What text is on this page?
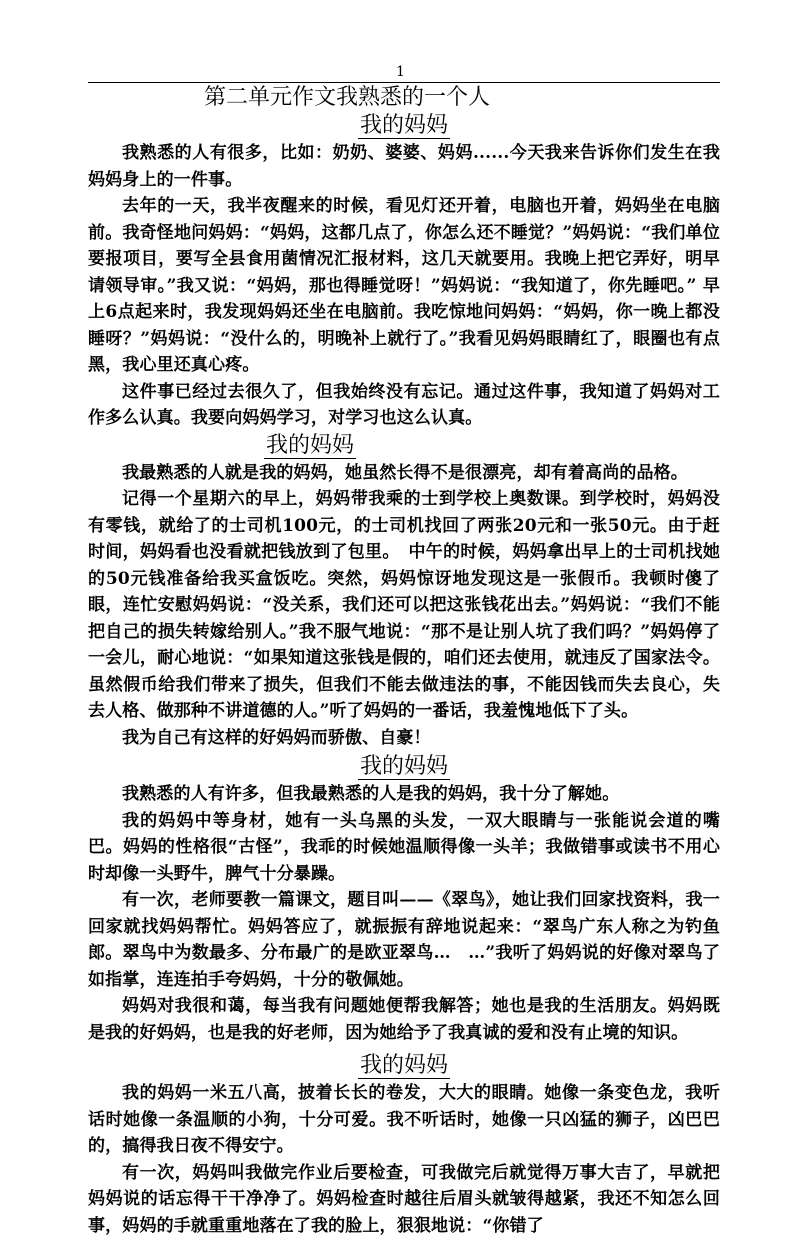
1
第二单元作文我熟悉的一个人
我的妈妈

我熟悉的人有很多，比如：奶奶、婆婆、妈妈......今天我来告诉你们发生在我妈妈身上的一件事。

去年的一天，我半夜醒来的时候，看见灯还开着，电脑也开着，妈妈坐在电脑前。我奇怪地问妈妈：“妈妈，这都几点了，你怎么还不睡觉？”妈妈说：“我们单位要报项目，要写全县食用菌情况汇报材料，这几天就要用。我晚上把它弄好，明早请领导审。”我又说：“妈妈，那也得睡觉呀！”妈妈说：“我知道了，你先睡吧。” 早上6点起来时，我发现妈妈还坐在电脑前。我吃惊地问妈妈：“妈妈，你一晚上都没睡呀？”妈妈说：“没什么的，明晚补上就行了。”我看见妈妈眼睛红了，眼圈也有点黑，我心里还真心疼。

这件事已经过去很久了，但我始终没有忘记。通过这件事，我知道了妈妈对工作多么认真。我要向妈妈学习，对学习也这么认真。

我的妈妈

我最熟悉的人就是我的妈妈，她虽然长得不是很漂亮，却有着高尚的品格。

记得一个星期六的早上，妈妈带我乘的士到学校上奥数课。到学校时，妈妈没有零钱，就给了的士司机100元，的士司机找回了两张20元和一张50元。由于赶时间，妈妈看也没看就把钱放到了包里。　中午的时候，妈妈拿出早上的士司机找她的50元钱准备给我买盒饭吃。突然，妈妈惊讶地发现这是一张假币。我顿时傻了眼，连忙安慰妈妈说：“没关系，我们还可以把这张钱花出去。”妈妈说：“我们不能把自己的损失转嫁给别人。”我不服气地说：“那不是让别人坑了我们吗？”妈妈停了一会儿，耐心地说：“如果知道这张钱是假的，咱们还去使用，就违反了国家法令。虽然假币给我们带来了损失，但我们不能去做违法的事，不能因钱而失去良心，失去人格、做那种不讲道德的人。”听了妈妈的一番话，我羞愧地低下了头。

我为自己有这样的好妈妈而骄傲、自豪！

我的妈妈

我熟悉的人有许多，但我最熟悉的人是我的妈妈，我十分了解她。

我的妈妈中等身材，她有一头乌黑的头发，一双大眼睛与一张能说会道的嘴巴。妈妈的性格很“古怪”，我乖的时候她温顺得像一头羊；我做错事或读书不用心时却像一头野牛，脾气十分暴躁。

有一次，老师要教一篇课文，题目叫——《翠鸟》，她让我们回家找资料，我一回家就找妈妈帮忙。妈妈答应了，就振振有辞地说起来：“翠鸟广东人称之为钓鱼郎。翠鸟中为数最多、分布最广的是欧亚翠鸟…　…”我听了妈妈说的好像对翠鸟了如指掌，连连拍手夸妈妈，十分的敬佩她。

妈妈对我很和蔼，每当我有问题她便帮我解答；她也是我的生活朋友。妈妈既是我的好妈妈，也是我的好老师，因为她给予了我真诚的爱和没有止境的知识。

我的妈妈

我的妈妈一米五八高，披着长长的卷发，大大的眼睛。她像一条变色龙，我听话时她像一条温顺的小狗，十分可爱。我不听话时，她像一只凶猛的狮子，凶巴巴的，搞得我日夜不得安宁。

有一次，妈妈叫我做完作业后要检查，可我做完后就觉得万事大吉了，早就把妈妈说的话忘得干干净净了。妈妈检查时越往后眉头就皱得越紧，我还不知怎么回事，妈妈的手就重重地落在了我的脸上，狠狠地说：“你错了
